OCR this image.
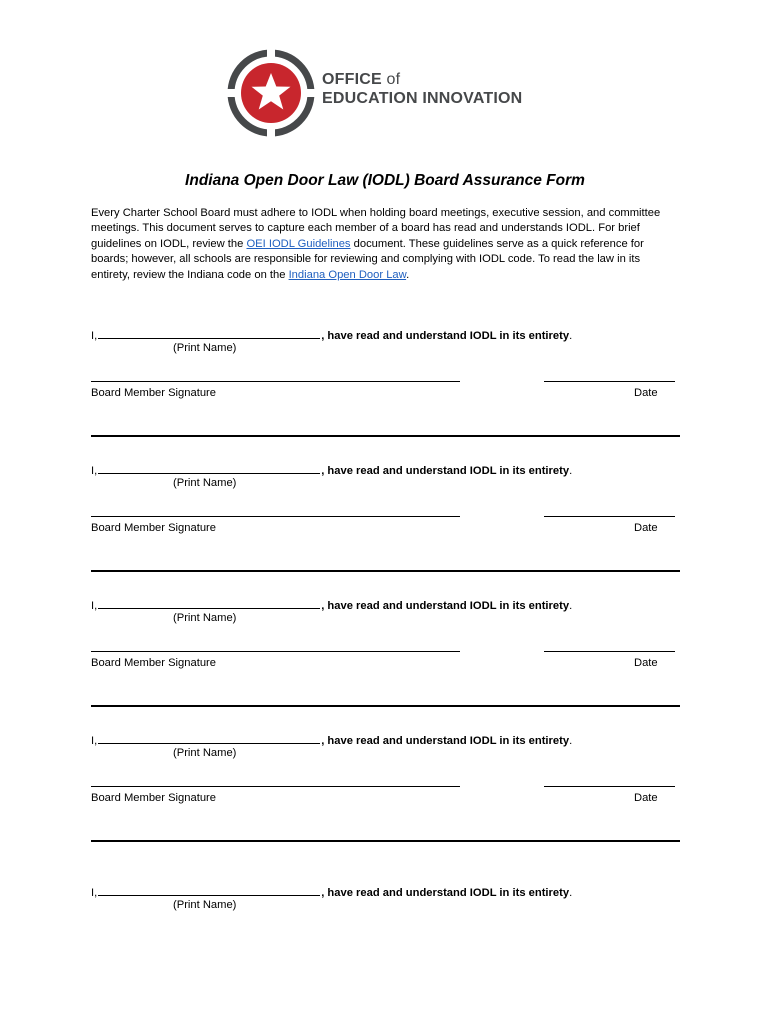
OFFICE of
EDUCATION INNOVATION
Indiana Open Door Law (IODL) Board Assurance Form
Every Charter School Board must adhere to IODL when holding board meetings, executive session, and committee meetings. This document serves to capture each member of a board has read and understands IODL. For brief guidelines on IODL, review the OEI IODL Guidelines document. These guidelines serve as a quick reference for boards; however, all schools are responsible for reviewing and complying with IODL code. To read the law in its entirety, review the Indiana code on the Indiana Open Door Law.
I,	, have read and understand IODL in its entirety.
(Print Name)
Board Member Signature	Date
I,	, have read and understand IODL in its entirety.
(Print Name)
Board Member Signature	Date
I,	, have read and understand IODL in its entirety.
(Print Name)
Board Member Signature	Date
I,	, have read and understand IODL in its entirety.
(Print Name)
Board Member Signature	Date
I,	, have read and understand IODL in its entirety.
(Print Name)
